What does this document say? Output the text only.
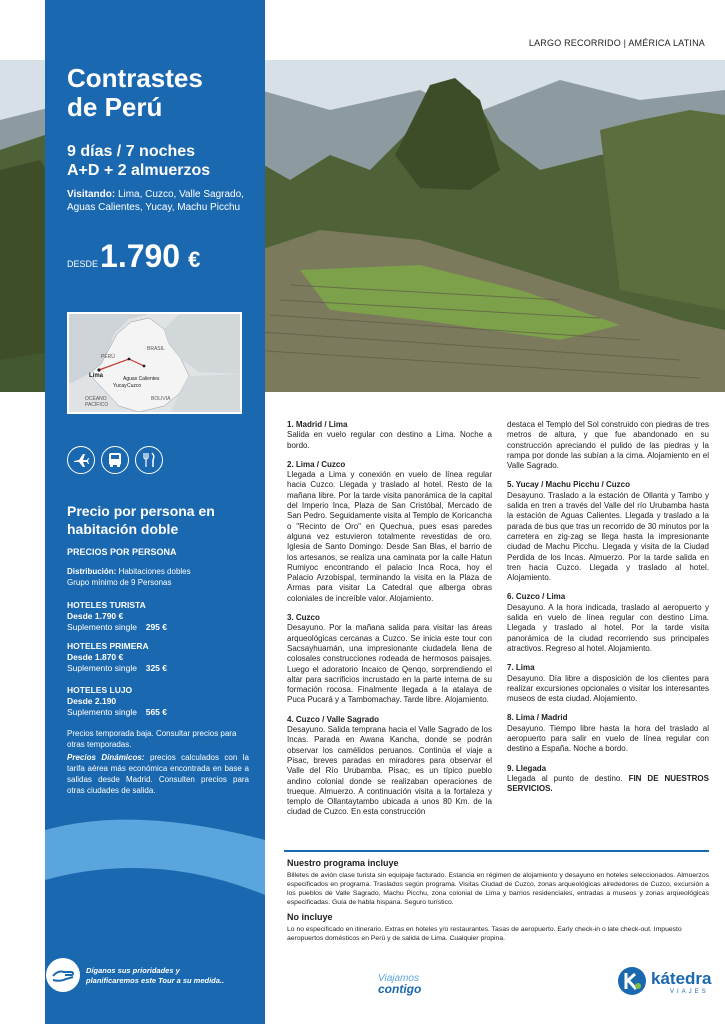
LARGO RECORRIDO | AMÉRICA LATINA
Contrastes
de Perú
9 días / 7 noches
A+D + 2 almuerzos
Visitando: Lima, Cuzco, Valle Sagrado, Aguas Calientes, Yucay, Machu Picchu
DESDE 1.790 €
PERÚ
BRASIL
BOLIVIA
OCÉANO PACÍFICO
Lima	Aguas Calientes
Yucay Cuzco
Precio por persona en habitación doble
PRECIOS POR PERSONA
Distribución: Habitaciones dobles
Grupo mínimo de 9 Personas
HOTELES TURISTA
Desde 1.790 €
Suplemento single 295 €
HOTELES PRIMERA
Desde 1.870 €
Suplemento single 325 €
HOTELES LUJO
Desde 2.190
Suplemento single 565 €
Precios temporada baja. Consultar precios para otras temporadas.
Precios Dinámicos: precios calculados con la tarifa aérea más económica encontrada en base a salidas desde Madrid. Consulten precios para otras ciudades de salida.
Díganos sus prioridades y planificaremos este Tour a su medida..
1. Madrid / Lima

Salida en vuelo regular con destino a Lima. Noche a bordo.

2. Lima / Cuzco

Llegada a Lima y conexión en vuelo de línea regular hacia Cuzco. Llegada y traslado al hotel. Resto de la mañana libre. Por la tarde visita panorámica de la capital del Imperio Inca, Plaza de San Cristóbal, Mercado de San Pedro. Seguidamente visita al Templo de Koricancha o "Recinto de Oro" en Quechua, pues esas paredes alguna vez estuvieron totalmente revestidas de oro. Iglesia de Santo Domingo. Desde San Blas, el barrio de los artesanos, se realiza una caminata por la calle Hatun Rumiyoc encontrando el palacio Inca Roca, hoy el Palacio Arzobispal, terminando la visita en la Plaza de Armas para visitar La Catedral que alberga obras coloniales de increíble valor. Alojamiento.

3. Cuzco

Desayuno. Por la mañana salida para visitar las áreas arqueológicas cercanas a Cuzco. Se inicia este tour con Sacsayhuamán, una impresionante ciudadela llena de colosales construcciones rodeada de hermosos paisajes. Luego el adoratorio Incaico de Qenqo, sorprendiendo el altar para sacrificios incrustado en la parte interna de su formación rocosa. Finalmente llegada a la atalaya de Puca Pucará y a Tambomachay. Tarde libre. Alojamiento.

4. Cuzco / Valle Sagrado

Desayuno. Salida temprana hacia el Valle Sagrado de los Incas. Parada en Awana Kancha, donde se podrán observar los camélidos peruanos. Continúa el viaje a Pisac, breves paradas en miradores para observar el Valle del Río Urubamba. Pisac, es un típico pueblo andino colonial donde se realizaban operaciones de trueque. Almuerzo. A continuación visita a la fortaleza y templo de Ollantaytambo ubicada a unos 80 Km. de la ciudad de Cuzco. En esta construcción

destaca el Templo del Sol construido con piedras de tres metros de altura, y que fue abandonado en su construcción apreciando el pulido de las piedras y la rampa por donde las subían a la cima. Alojamiento en el Valle Sagrado.

5. Yucay / Machu Picchu / Cuzco

Desayuno. Traslado a la estación de Ollanta y Tambo y salida en tren a través del Valle del río Urubamba hasta la estación de Aguas Calientes. Llegada y traslado a la parada de bus que tras un recorrido de 30 minutos por la carretera en zig-zag se llega hasta la impresionante ciudad de Machu Picchu. Llegada y visita de la Ciudad Perdida de los Incas. Almuerzo. Por la tarde salida en tren hacia Cuzco. Llegada y traslado al hotel. Alojamiento.

6. Cuzco / Lima

Desayuno. A la hora indicada, traslado al aeropuerto y salida en vuelo de línea regular con destino Lima. Llegada y traslado al hotel. Por la tarde visita panorámica de la ciudad recorriendo sus principales atractivos. Regreso al hotel. Alojamiento.

7. Lima

Desayuno. Día libre a disposición de los clientes para realizar excursiones opcionales o visitar los interesantes museos de esta ciudad. Alojamiento.

8. Lima / Madrid

Desayuno. Tiempo libre hasta la hora del traslado al aeropuerto para salir en vuelo de línea regular con destino a España. Noche a bordo.

9. Llegada

Llegada al punto de destino. FIN DE NUESTROS SERVICIOS.

Nuestro programa incluye
Billetes de avión clase turista sin equipaje facturado. Estancia en régimen de alojamiento y desayuno en hoteles seleccionados. Almuerzos especificados en programa. Traslados según programa. Visitas Ciudad de Cuzco, zonas arqueológicas alrededores de Cuzco, excursión a los pueblos de Valle Sagrado, Machu Picchu, zona colonial de Lima y barrios residenciales, entradas a museos y zonas arqueológicas especificadas. Guía de habla hispana. Seguro turístico.
No incluye
Lo no especificado en itinerario. Extras en hoteles y/o restaurantes. Tasas de aeropuerto. Early check-in o late check-out. Impuesto aeropuertos domésticos en Perú y de salida de Lima. Cualquier propina.
Viajamos
contigo
kátedra
VIAJES
